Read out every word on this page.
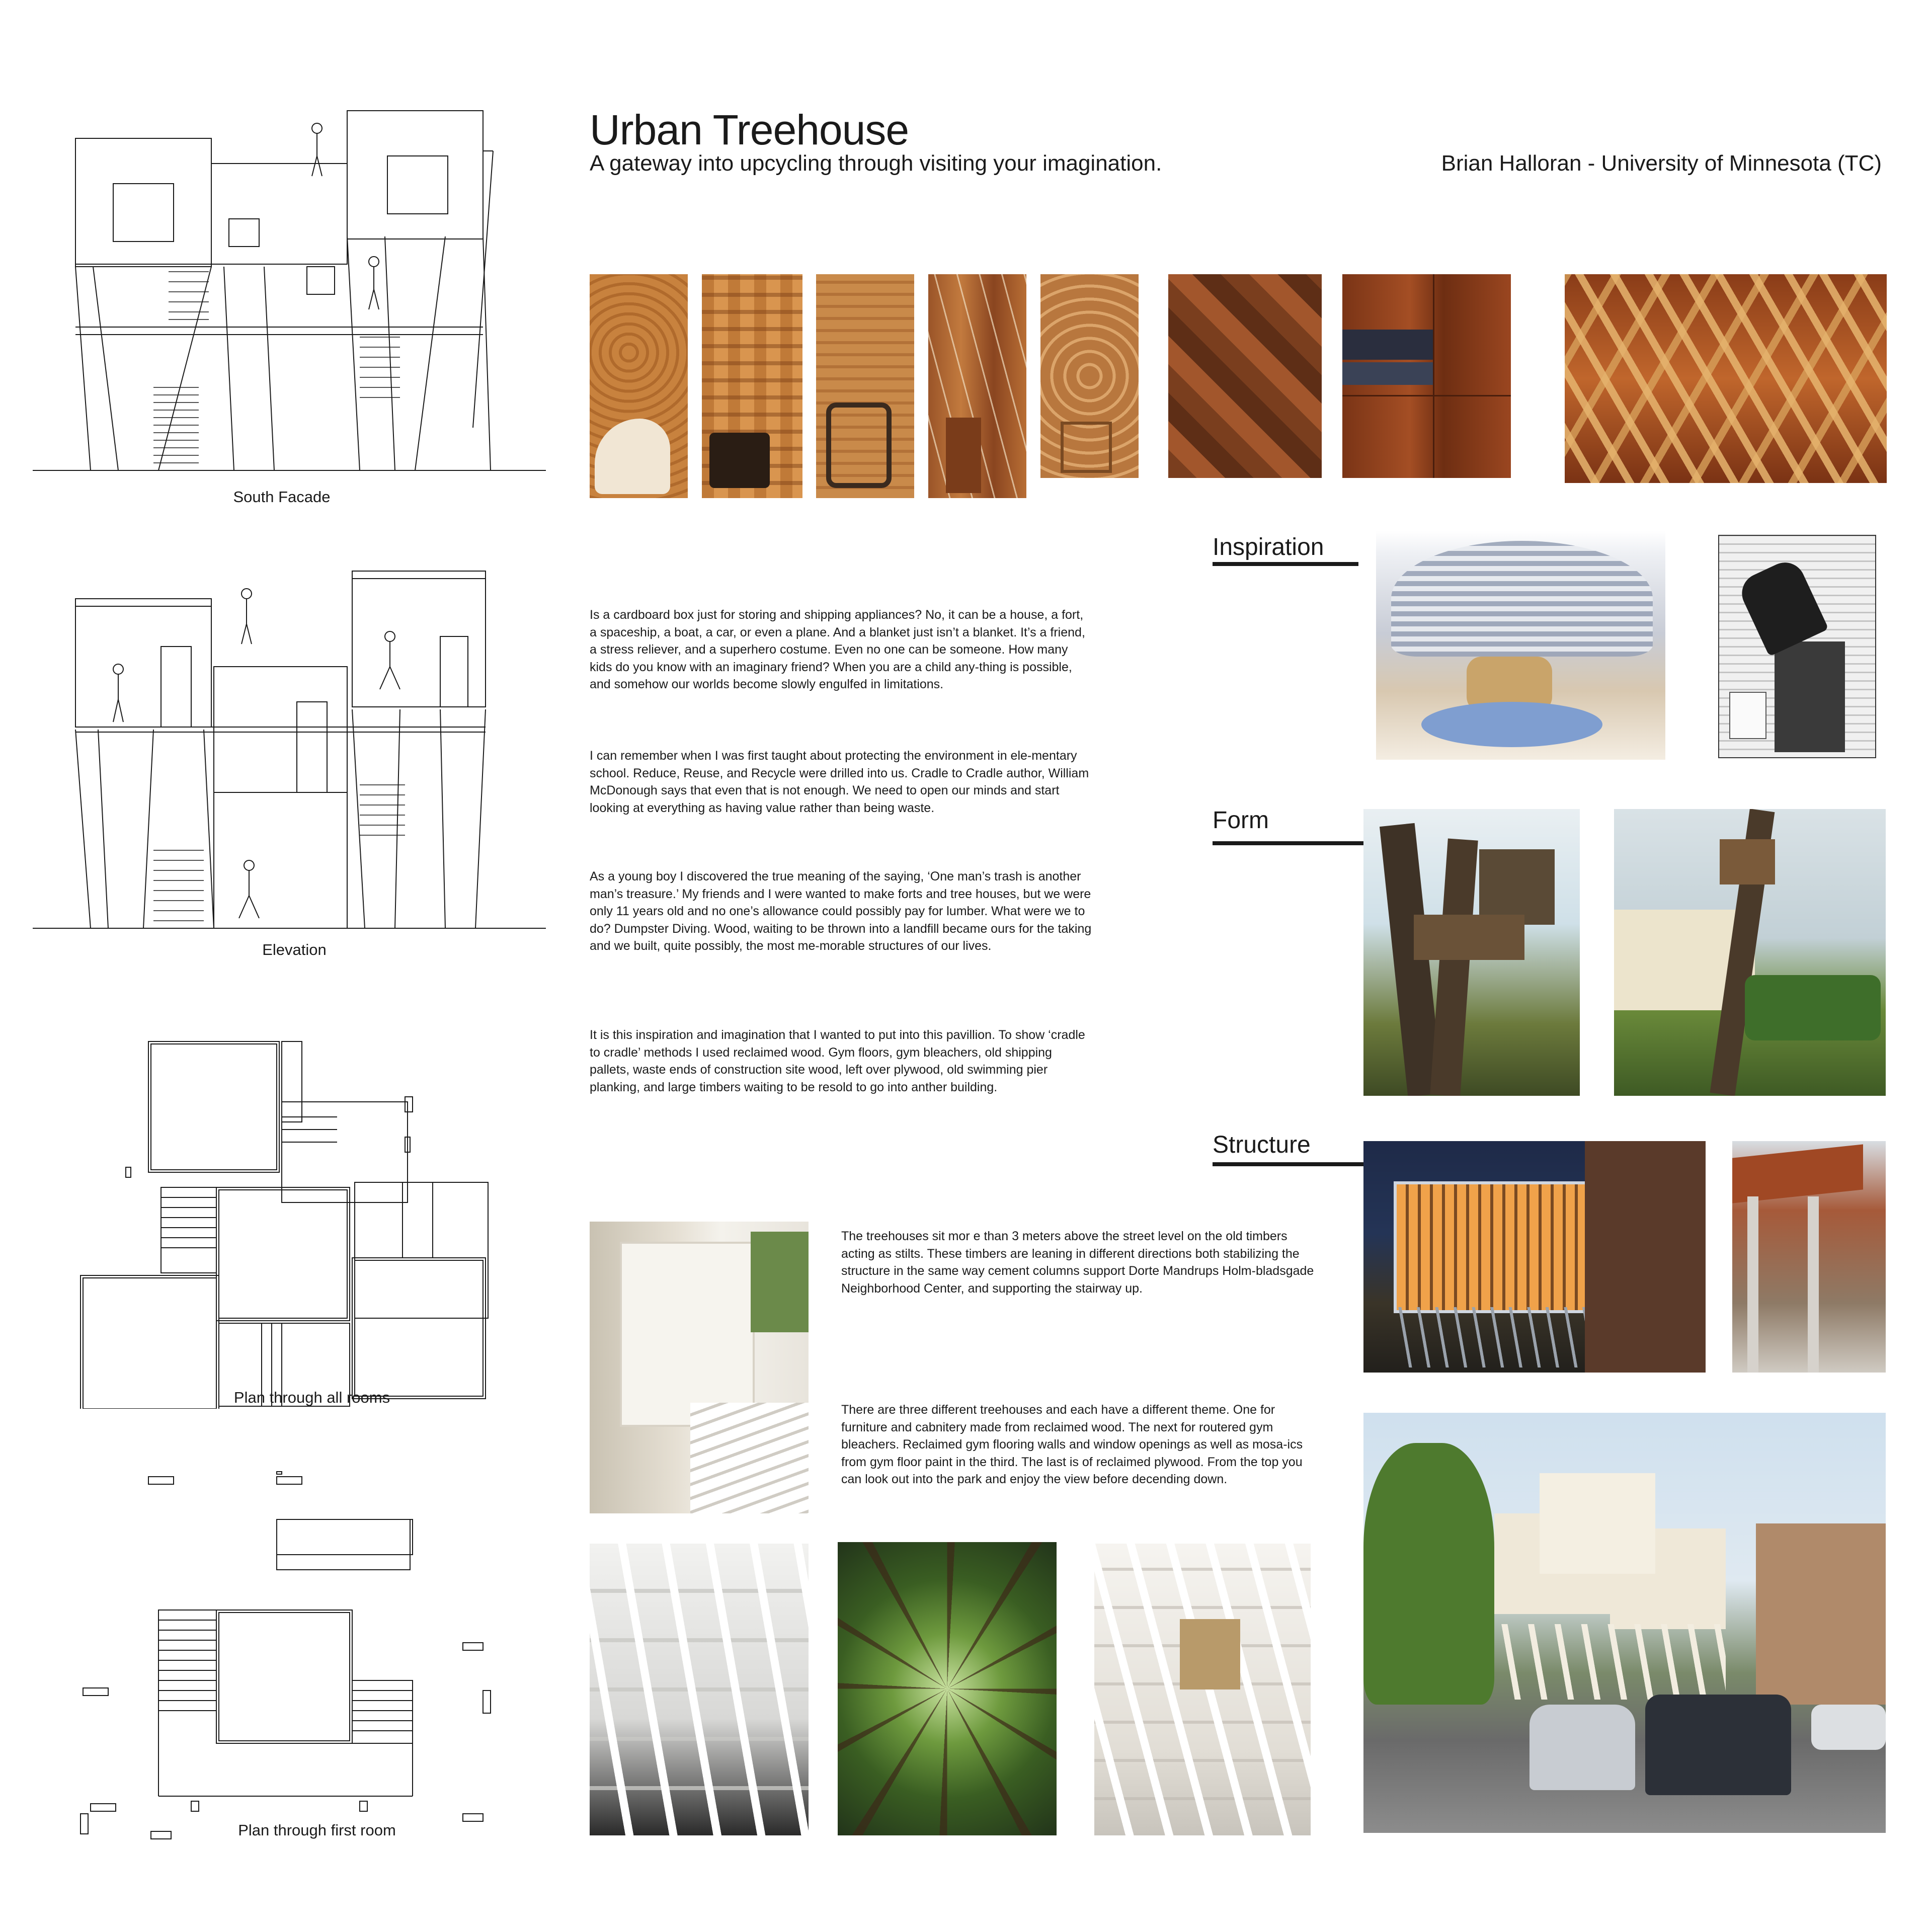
Urban Treehouse
A gateway into upcycling through visiting your imagination.	Brian Halloran - University of Minnesota (TC)
South Facade
Elevation
Plan through all rooms
Plan through first room
Is a cardboard box just for storing and shipping appliances? No, it can be a house, a fort, a spaceship, a boat, a car, or even a plane. And a blanket just isn’t a blanket. It’s a friend, a stress reliever, and a superhero costume. Even no one can be someone. How many kids do you know with an imaginary friend? When you are a child any-thing is possible, and somehow our worlds become slowly engulfed in limitations.
I can remember when I was first taught about protecting the environment in ele-mentary school. Reduce, Reuse, and Recycle were drilled into us. Cradle to Cradle author, William McDonough says that even that is not enough. We need to open our minds and start looking at everything as having value rather than being waste.
As a young boy I discovered the true meaning of the saying, ‘One man’s trash is another man’s treasure.’ My friends and I were wanted to make forts and tree houses, but we were only 11 years old and no one’s allowance could possibly pay for lumber. What were we to do? Dumpster Diving. Wood, waiting to be thrown into a landfill became ours for the taking and we built, quite possibly, the most me-morable structures of our lives.
It is this inspiration and imagination that I wanted to put into this pavillion. To show ‘cradle to cradle’ methods I used reclaimed wood. Gym floors, gym bleachers, old shipping pallets, waste ends of construction site wood, left over plywood, old swimming pier planking, and large timbers waiting to be resold to go into anther building.
Inspiration
Form
Structure
The treehouses sit mor e than 3 meters above the street level on the old timbers acting as stilts. These timbers are leaning in different directions both stabilizing the structure in the same way cement columns support Dorte Mandrups Holm-bladsgade Neighborhood Center, and supporting the stairway up.
There are three different treehouses and each have a different theme. One for furniture and cabnitery made from reclaimed wood. The next for routered gym bleachers. Reclaimed gym flooring walls and window openings as well as mosa-ics from gym floor paint in the third. The last is of reclaimed plywood. From the top you can look out into the park and enjoy the view before decending down.
